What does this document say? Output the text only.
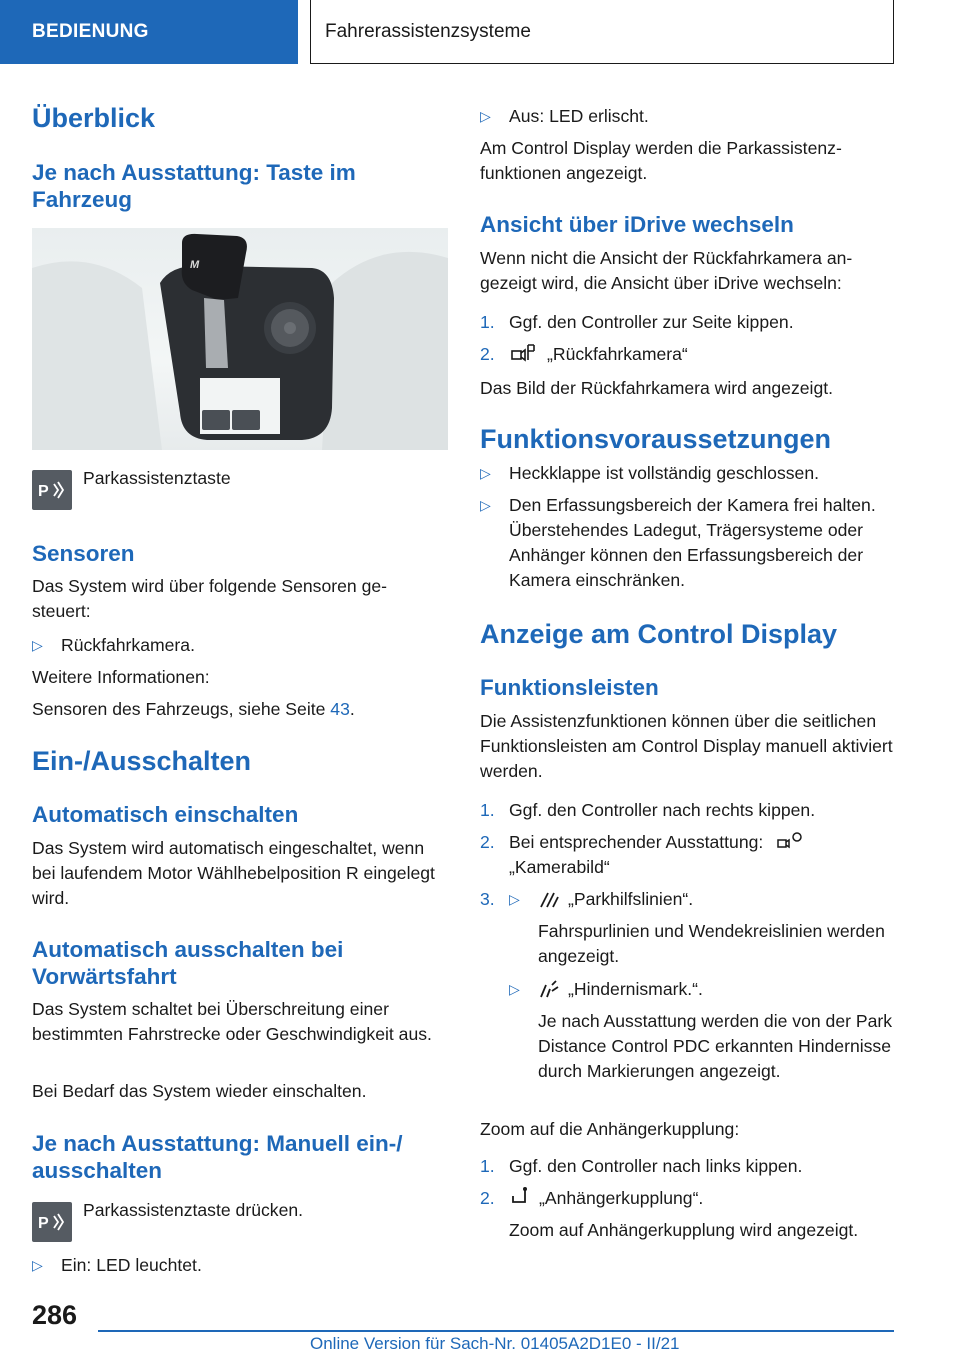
BEDIENUNG	Fahrerassistenzsysteme
M
Überblick
Je nach Ausstattung: Taste im Fahrzeug
P
Parkassistenztaste
Sensoren
Das System wird über folgende Sensoren gesteuert:
▷ Rückfahrkamera.
Weitere Informationen:
Sensoren des Fahrzeugs, siehe Seite 43.
Ein-/Ausschalten
Automatisch einschalten
Das System wird automatisch eingeschaltet, wenn bei laufendem Motor Wählhebelposition R eingelegt wird.
Automatisch ausschalten bei Vorwärtsfahrt
Das System schaltet bei Überschreitung einer bestimmten Fahrstrecke oder Geschwindigkeit aus.
Bei Bedarf das System wieder einschalten.
Je nach Ausstattung: Manuell ein-/ ausschalten
P
Parkassistenztaste drücken.
▷ Ein: LED leuchtet.
▷ Aus: LED erlischt.
Am Control Display werden die Parkassistenzfunktionen angezeigt.
Ansicht über iDrive wechseln
Wenn nicht die Ansicht der Rückfahrkamera angezeigt wird, die Ansicht über iDrive wechseln:
1. Ggf. den Controller zur Seite kippen.
2.	„Rückfahrkamera“
Das Bild der Rückfahrkamera wird angezeigt.
Funktionsvoraussetzungen
▷ Heckklappe ist vollständig geschlossen.
▷ Den Erfassungsbereich der Kamera frei halten. Überstehendes Ladegut, Trägersysteme oder Anhänger können den Erfassungsbereich der Kamera einschränken.
Anzeige am Control Display
Funktionsleisten
Die Assistenzfunktionen können über die seitlichen Funktionsleisten am Control Display manuell aktiviert werden.
1. Ggf. den Controller nach rechts kippen.
2. Bei entsprechender Ausstattung:
„Kamerabild“
3. ▷	„Parkhilfslinien“.
Fahrspurlinien und Wendekreislinien werden angezeigt.
▷	„Hindernismark.“.
Je nach Ausstattung werden die von der Park Distance Control PDC erkannten Hindernisse durch Markierungen angezeigt.
Zoom auf die Anhängerkupplung:
1. Ggf. den Controller nach links kippen.
2.	„Anhängerkupplung“.
Zoom auf Anhängerkupplung wird angezeigt.
286
Online Version für Sach-Nr. 01405A2D1E0 - II/21
